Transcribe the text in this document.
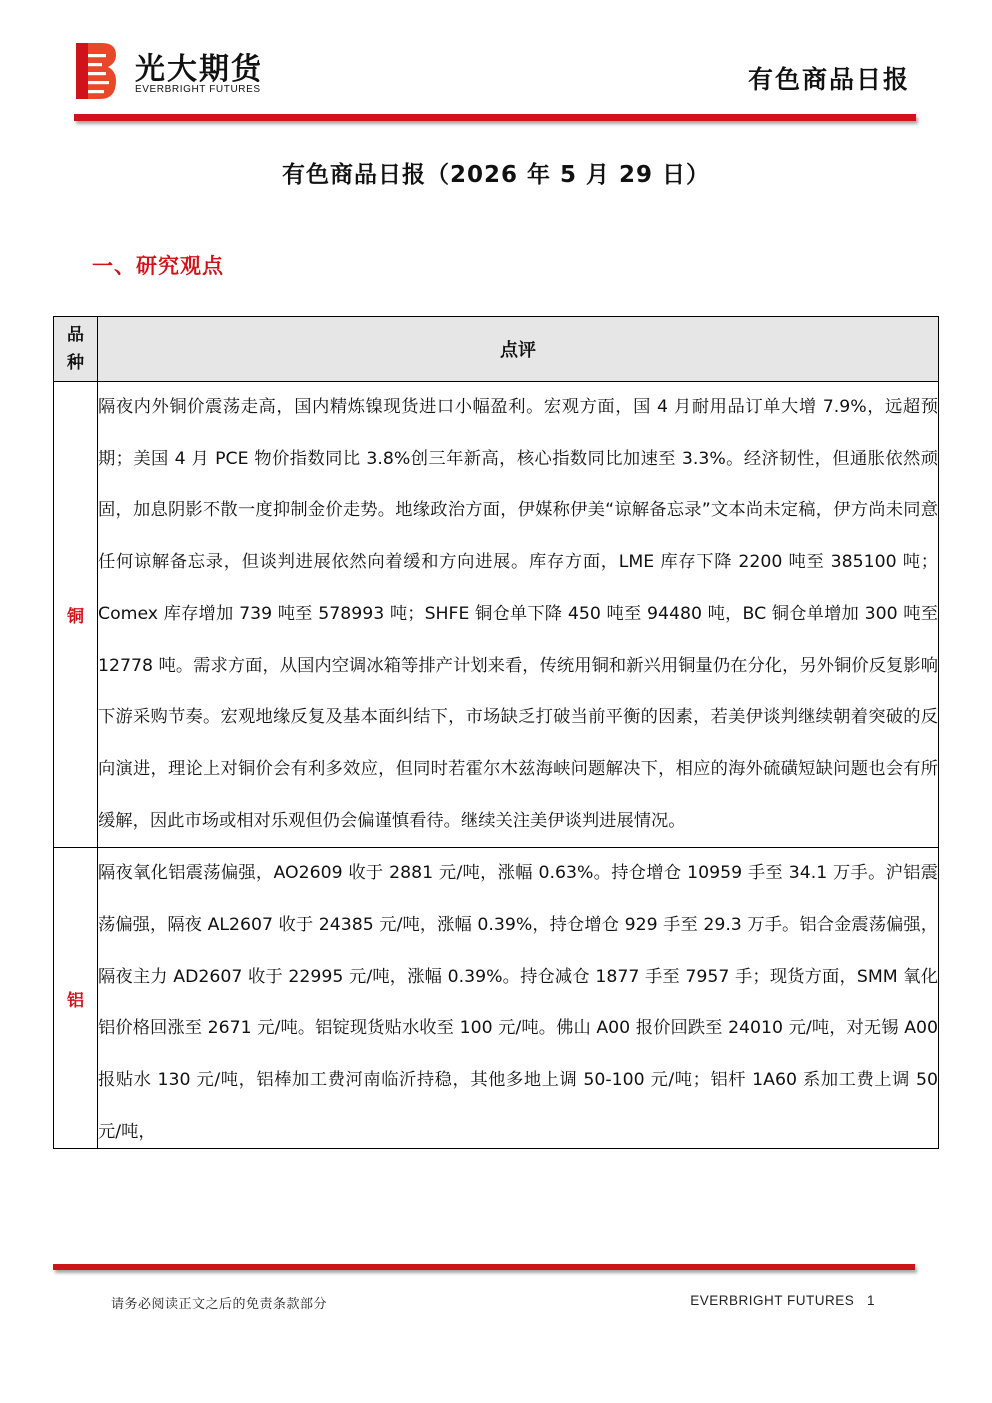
光大期货
EVERBRIGHT FUTURES	有色商品日报
有色商品日报（2026 年 5 月 29 日）
一、研究观点
品种	点评
铜	隔夜内外铜价震荡走高，国内精炼镍现货进口小幅盈利。宏观方面，国 4 月耐用品订单大增 7.9%，远超预期；美国 4 月 PCE 物价指数同比 3.8%创三年新高，核心指数同比加速至 3.3%。经济韧性，但通胀依然顽固，加息阴影不散一度抑制金价走势。地缘政治方面，伊媒称伊美“谅解备忘录”文本尚未定稿，伊方尚未同意任何谅解备忘录，但谈判进展依然向着缓和方向进展。库存方面，LME 库存下降 2200 吨至 385100 吨；Comex 库存增加 739 吨至 578993 吨；SHFE 铜仓单下降 450 吨至 94480 吨，BC 铜仓单增加 300 吨至 12778 吨。需求方面，从国内空调冰箱等排产计划来看，传统用铜和新兴用铜量仍在分化，另外铜价反复影响下游采购节奏。宏观地缘反复及基本面纠结下，市场缺乏打破当前平衡的因素，若美伊谈判继续朝着突破的反向演进，理论上对铜价会有利多效应，但同时若霍尔木兹海峡问题解决下，相应的海外硫磺短缺问题也会有所缓解，因此市场或相对乐观但仍会偏谨慎看待。继续关注美伊谈判进展情况。
铝	隔夜氧化铝震荡偏强，AO2609 收于 2881 元/吨，涨幅 0.63%。持仓增仓 10959 手至 34.1 万手。沪铝震荡偏强，隔夜 AL2607 收于 24385 元/吨，涨幅 0.39%，持仓增仓 929 手至 29.3 万手。铝合金震荡偏强，隔夜主力 AD2607 收于 22995 元/吨，涨幅 0.39%。持仓减仓 1877 手至 7957 手；现货方面，SMM 氧化铝价格回涨至 2671 元/吨。铝锭现货贴水收至 100 元/吨。佛山 A00 报价回跌至 24010 元/吨，对无锡 A00 报贴水 130 元/吨，铝棒加工费河南临沂持稳，其他多地上调 50-100 元/吨；铝杆 1A60 系加工费上调 50 元/吨，
请务必阅读正文之后的免责条款部分	EVERBRIGHT FUTURES 1
